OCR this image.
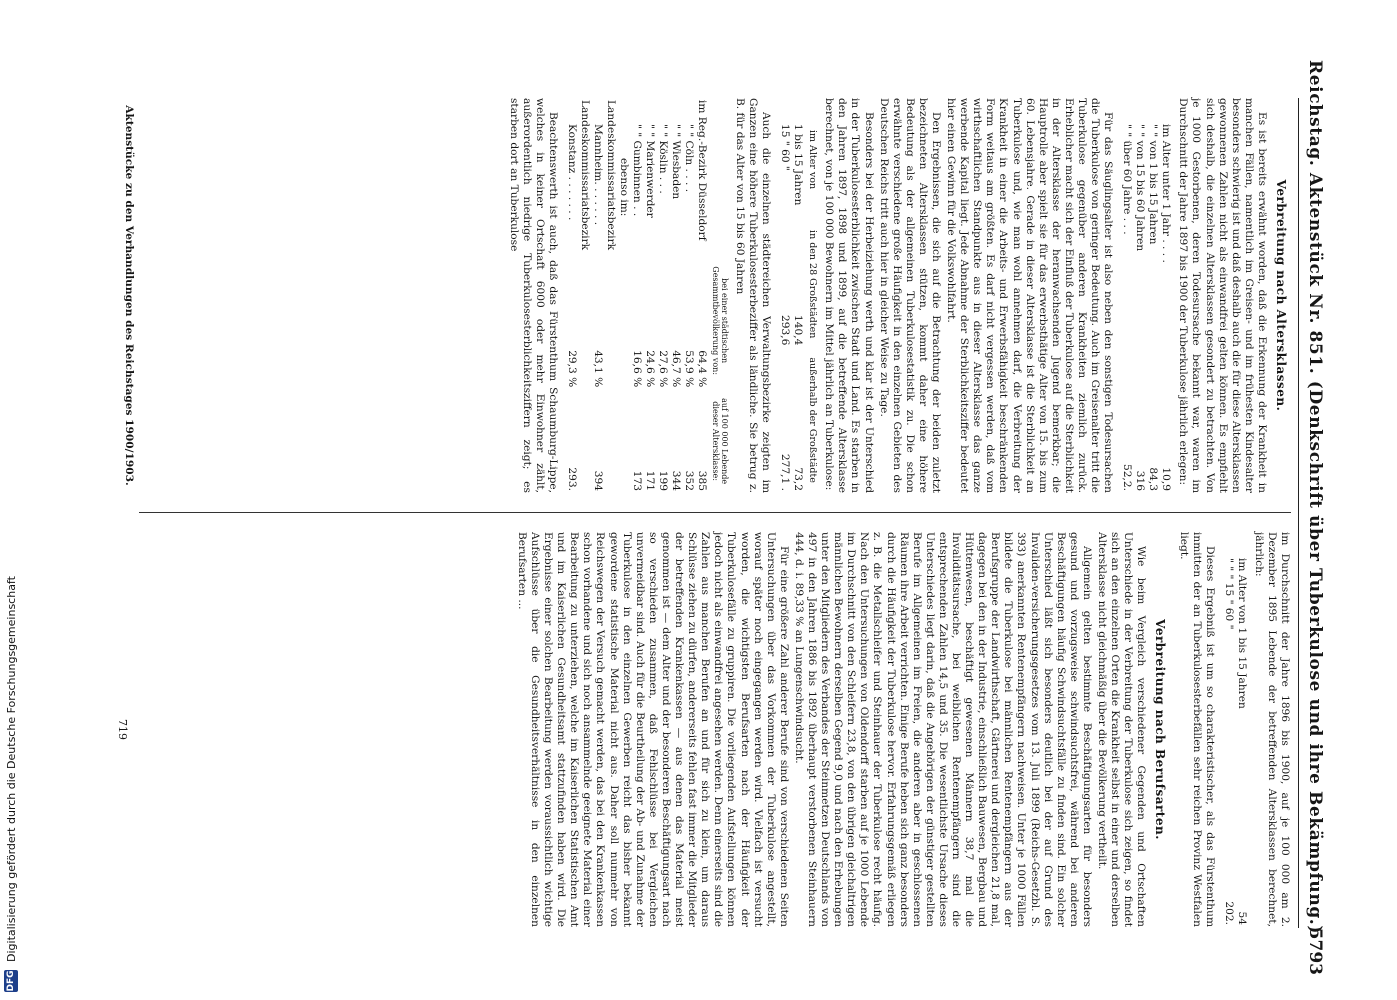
Reichstag. Aktenstück Nr. 851. (Denkschrift über Tuberkulose und ihre Bekämpfung.)
5793
Verbreitung nach Altersklassen.

Es ist bereits erwähnt worden, daß die Erkennung der Krankheit in manchen Fällen, namentlich im Greisen- und im frühesten Kindesalter besonders schwierig ist und daß deshalb auch die für diese Altersklassen gewonnenen Zahlen nicht als einwandfrei gelten können. Es empfiehlt sich deshalb, die einzelnen Altersklassen gesondert zu betrachten. Von je 1000 Gestorbenen, deren Todesursache bekannt war, waren im Durchschnitt der Jahre 1897 bis 1900 der Tuberkulose jährlich erlegen:

im Alter unter 1 Jahr . . . .	10,9
" " von 1 bis 15 Jahren	84,3
" " von 15 bis 60 Jahren	316
" " über 60 Jahre . . .	52,2.

Für das Säuglingsalter ist also neben den sonstigen Todesursachen die Tuberkulose von geringer Bedeutung. Auch im Greisenalter tritt die Tuberkulose gegenüber anderen Krankheiten ziemlich zurück. Erheblicher macht sich der Einfluß der Tuberkulose auf die Sterblichkeit in der Altersklasse der heranwachsenden Jugend bemerkbar; die Hauptrolle aber spielt sie für das erwerbsthätige Alter von 15. bis zum 60. Lebensjahre. Gerade in dieser Altersklasse ist die Sterblichkeit an Tuberkulose und, wie man wohl annehmen darf, die Verbreitung der Krankheit in einer die Arbeits- und Erwerbsfähigkeit beschränkenden Form weitaus am größten. Es darf nicht vergessen werden, daß vom wirthschaftlichen Standpunkte aus in dieser Altersklasse das ganze werbende Kapital liegt. Jede Abnahme der Sterblichkeitsziffer bedeutet hier einen Gewinn für die Volkswohlfahrt.

Den Ergebnissen, die sich auf die Betrachtung der beiden zuletzt bezeichneten Altersklassen stützen, kommt daher eine höhere Bedeutung als der allgemeinen Tuberkulosestatistik zu. Die schon erwähnte verschiedene große Häufigkeit in den einzelnen Gebieten des Deutschen Reichs tritt auch hier in gleicher Weise zu Tage.

Besonders bei der Herbeiziehung werth und klar ist der Unterschied in der Tuberkulosesterblichkeit zwischen Stadt und Land. Es starben in den Jahren 1897, 1898 und 1899, auf die betreffende Altersklasse berechnet, von je 100 000 Bewohnern im Mittel jährlich an Tuberkulose:

im Alter von	in den 28 Großstädten	außerhalb der Großstädte
1 bis 15 Jahren	140,4	73,2
15 " 60 "	293,6	277,1 .

Auch die einzelnen städtereichen Verwaltungsbezirke zeigten im Ganzen eine höhere Tuberkulosesterbeziffer als ländliche. Sie betrug z. B. für das Alter von 15 bis 60 Jahren

	bei einer städtischen Gesammtbevölkerung von:	auf 100 000 Lebende dieser Altersklasse:
im Reg.-Bezirk Düsseldorf	64,4 %	385
" " Cöln . . . .	53,9 %	352
" " Wiesbaden	46,7 %	344
" " Köslin . . .	27,6 %	199
" " Marienwerder	24,6 %	171
" " Gumbinnen . .	16,6 %	173
ebenso im:		
Landeskommissariatsbezirk		
Mannheim. . . . . . .	43,1 %	394
Landeskommissariatsbezirk		
Konstanz . . . . . . .	29,3 %	293.

Beachtenswerth ist auch, daß das Fürstenthum Schaumburg-Lippe, welches in keiner Ortschaft 6000 oder mehr Einwohner zählt, außerordentlich niedrige Tuberkulosesterblichkeitsziffern zeigt; es starben dort an Tuberkulose

Aktenstücke zu den Verhandlungen des Reichstages 1900/1903.

im Durchschnitt der Jahre 1896 bis 1900, auf je 100 000 am 2. Dezember 1895 Lebende der betreffenden Altersklassen berechnet, jährlich:

im Alter von 1 bis 15 Jahren	54
" " " 15 " 60 "	202.

Dieses Ergebniß ist um so charakteristischer, als das Fürstenthum inmitten der an Tuberkulosesterbefällen sehr reichen Provinz Westfalen liegt.

Verbreitung nach Berufsarten.

Wie beim Vergleich verschiedener Gegenden und Ortschaften Unterschiede in der Verbreitung der Tuberkulose sich zeigen, so findet sich an den einzelnen Orten die Krankheit selbst in einer und derselben Altersklasse nicht gleichmäßig über die Bevölkerung vertheilt.

Allgemein gelten bestimmte Beschäftigungsarten für besonders gesund und vorzugsweise schwindsuchtsfrei, während bei anderen Beschäftigungen häufig Schwindsuchtsfälle zu finden sind. Ein solcher Unterschied läßt sich besonders deutlich bei der auf Grund des Invaliden-versicherungsgesetzes vom 13. Juli 1899 (Reichs-Gesetzbl. S. 393) anerkannten Rentenempfängern nachweisen. Unter je 1000 Fällen bildete die Tuberkulose bei männlichen Rentenempfängern aus der Berufsgruppe der Landwirthschaft, Gärtnerei und dergleichen 21,8 mal, dagegen bei den in der Industrie, einschließlich Bauwesen, Bergbau und Hüttenwesen, beschäftigt gewesenen Männern 38,7 mal die Invaliditätsursache, bei weiblichen Rentenempfängern sind die entsprechenden Zahlen 14,5 und 35. Die wesentlichste Ursache dieses Unterschiedes liegt darin, daß die Angehörigen der günstiger gestellten Berufe im Allgemeinen im Freien, die anderen aber in geschlossenen Räumen ihre Arbeit verrichten. Einige Berufe heben sich ganz besonders durch die Häufigkeit der Tuberkulose hervor. Erfahrungsgemäß erliegen z. B. die Metallschleifer und Steinhauer der Tuberkulose recht häufig. Nach den Untersuchungen von Oldendorff starben auf je 1000 Lebende im Durchschnitt von den Schleifern 23,8, von den übrigen gleichaltrigen männlichen Bewohnern derselben Gegend 9,0 und nach den Erhebungen unter den Mitgliedern des Verbandes der Steinmetzen Deutschlands von 497 in den Jahren 1886 bis 1892 überhaupt verstorbenen Steinhauern 444, d. i. 89,33 % an Lungenschwindsucht.

Für eine größere Zahl anderer Berufe sind von verschiedenen Seiten Untersuchungen über das Vorkommen der Tuberkulose angestellt, worauf später noch eingegangen werden wird. Vielfach ist versucht worden, die wichtigsten Berufsarten nach der Häufigkeit der Tuberkulosefälle zu gruppiren. Die vorliegenden Aufstellungen können jedoch nicht als einwandfrei angesehen werden. Denn einerseits sind die Zahlen aus manchen Berufen an und für sich zu klein, um daraus Schlüsse ziehen zu dürfen, andererseits fehlen fast immer die Mitglieder der betreffenden Krankenkassen — aus denen das Material meist genommen ist — dem Alter und der besonderen Beschäftigungsart nach so verschieden zusammen, daß Fehlschlüsse bei Vergleichen unvermeidbar sind. Auch für die Beurtheilung der Ab- und Zunahme der Tuberkulose in den einzelnen Gewerben reicht das bisher bekannt gewordene statistische Material nicht aus. Daher soll nunmehr von Reichswegen der Versuch gemacht werden, das bei den Krankenkassen schon vorhandene und sich noch ansammelnde geeignete Material einer Bearbeitung zu unterziehen, welche im Kaiserlichen Statistischen Amt und im Kaiserlichen Gesundheitsamt stattzufinden haben wird. Die Ergebnisse einer solchen Bearbeitung werden voraussichtlich wichtige Aufschlüsse über die Gesundheitsverhältnisse in den einzelnen Berufsarten ...

719
DFG
Digitalisierung gefördert durch die Deutsche Forschungsgemeinschaft
